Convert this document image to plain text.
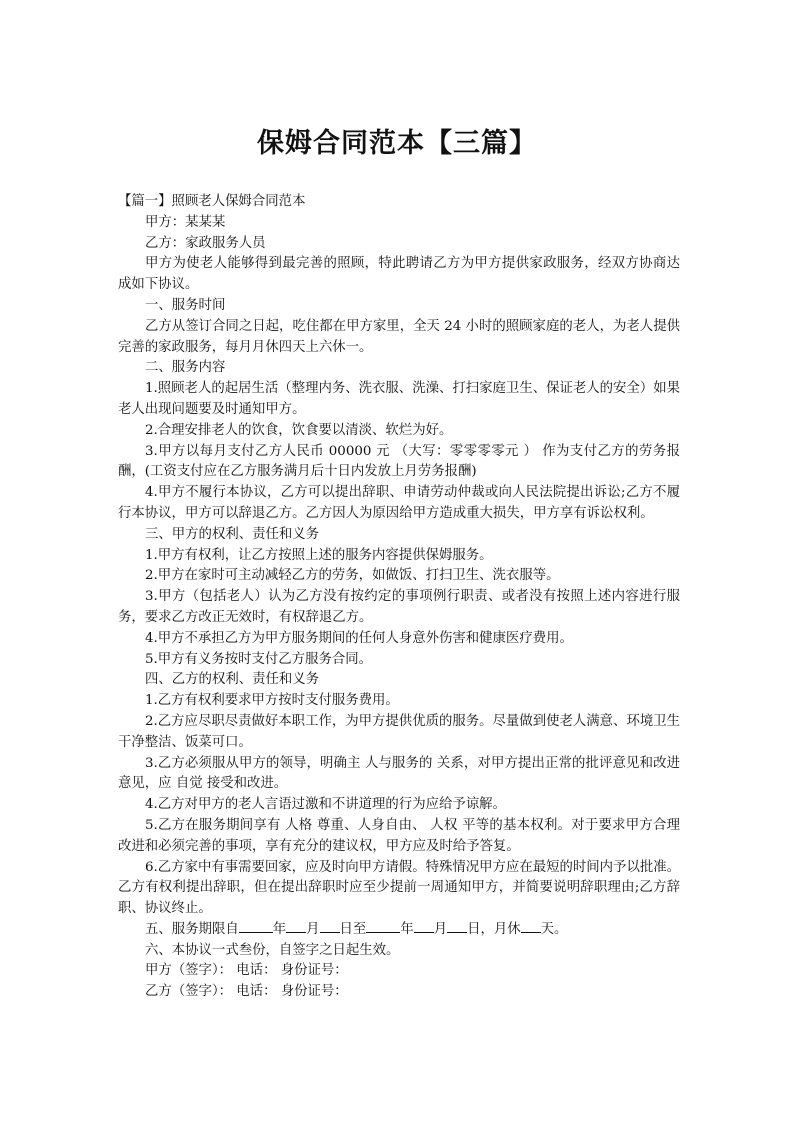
保姆合同范本【三篇】

【篇一】照顾老人保姆合同范本

甲方：某某某

乙方：家政服务人员

甲方为使老人能够得到最完善的照顾，特此聘请乙方为甲方提供家政服务，经双方协商达成如下协议。

一、服务时间

乙方从签订合同之日起，吃住都在甲方家里，全天 24 小时的照顾家庭的老人，为老人提供完善的家政服务，每月月休四天上六休一。

二、服务内容

1.照顾老人的起居生活（整理内务、洗衣服、洗澡、打扫家庭卫生、保证老人的安全）如果老人出现问题要及时通知甲方。

2.合理安排老人的饮食，饮食要以清淡、软烂为好。

3.甲方以每月支付乙方人民币 00000 元 （大写：零零零零元 ） 作为支付乙方的劳务报酬，(工资支付应在乙方服务满月后十日内发放上月劳务报酬)

4.甲方不履行本协议，乙方可以提出辞职、申请劳动仲裁或向人民法院提出诉讼;乙方不履行本协议，甲方可以辞退乙方。乙方因人为原因给甲方造成重大损失，甲方享有诉讼权利。

三、甲方的权利、责任和义务

1.甲方有权利，让乙方按照上述的服务内容提供保姆服务。

2.甲方在家时可主动减轻乙方的劳务，如做饭、打扫卫生、洗衣服等。

3.甲方（包括老人）认为乙方没有按约定的事项例行职责、或者没有按照上述内容进行服务，要求乙方改正无效时，有权辞退乙方。

4.甲方不承担乙方为甲方服务期间的任何人身意外伤害和健康医疗费用。

5.甲方有义务按时支付乙方服务合同。

四、乙方的权利、责任和义务

1.乙方有权利要求甲方按时支付服务费用。

2.乙方应尽职尽责做好本职工作，为甲方提供优质的服务。尽量做到使老人满意、环境卫生干净整洁、饭菜可口。

3.乙方必须服从甲方的领导，明确主 人与服务的 关系，对甲方提出正常的批评意见和改进意见，应 自觉 接受和改进。

4.乙方对甲方的老人言语过激和不讲道理的行为应给予谅解。

5.乙方在服务期间享有 人格 尊重、人身自由、 人权 平等的基本权利。对于要求甲方合理改进和必须完善的事项，享有充分的建议权，甲方应及时给予答复。

6.乙方家中有事需要回家，应及时向甲方请假。特殊情况甲方应在最短的时间内予以批准。乙方有权利提出辞职，但在提出辞职时应至少提前一周通知甲方，并简要说明辞职理由;乙方辞职、协议终止。

五、服务期限自	年 月 日至	年 月 日，月休 天。

六、本协议一式叁份，自签字之日起生效。

甲方（签字）： 电话： 身份证号：

乙方（签字）： 电话： 身份证号：
